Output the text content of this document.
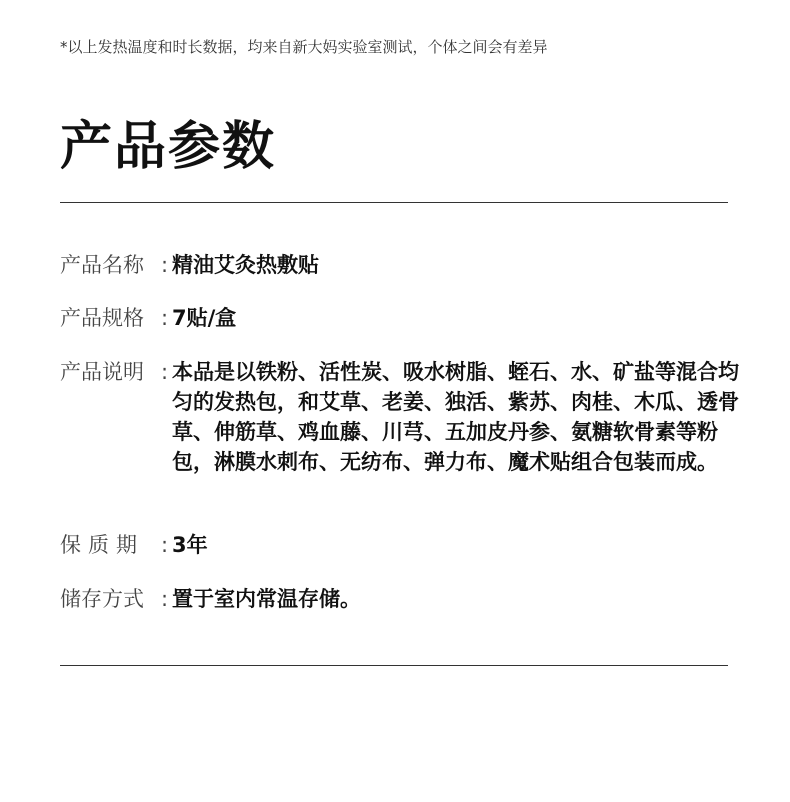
*以上发热温度和时长数据，均来自新大妈实验室测试，个体之间会有差异
产品参数
产品名称 : 精油艾灸热敷贴
产品规格 : 7贴/盒
产品说明 : 本品是以铁粉、活性炭、吸水树脂、蛭石、水、矿盐等混合均匀的发热包，和艾草、老姜、独活、紫苏、肉桂、木瓜、透骨草、伸筋草、鸡血藤、川芎、五加皮丹参、氨糖软骨素等粉包，淋膜水刺布、无纺布、弹力布、魔术贴组合包装而成。
保质期 : 3年
储存方式 : 置于室内常温存储。
